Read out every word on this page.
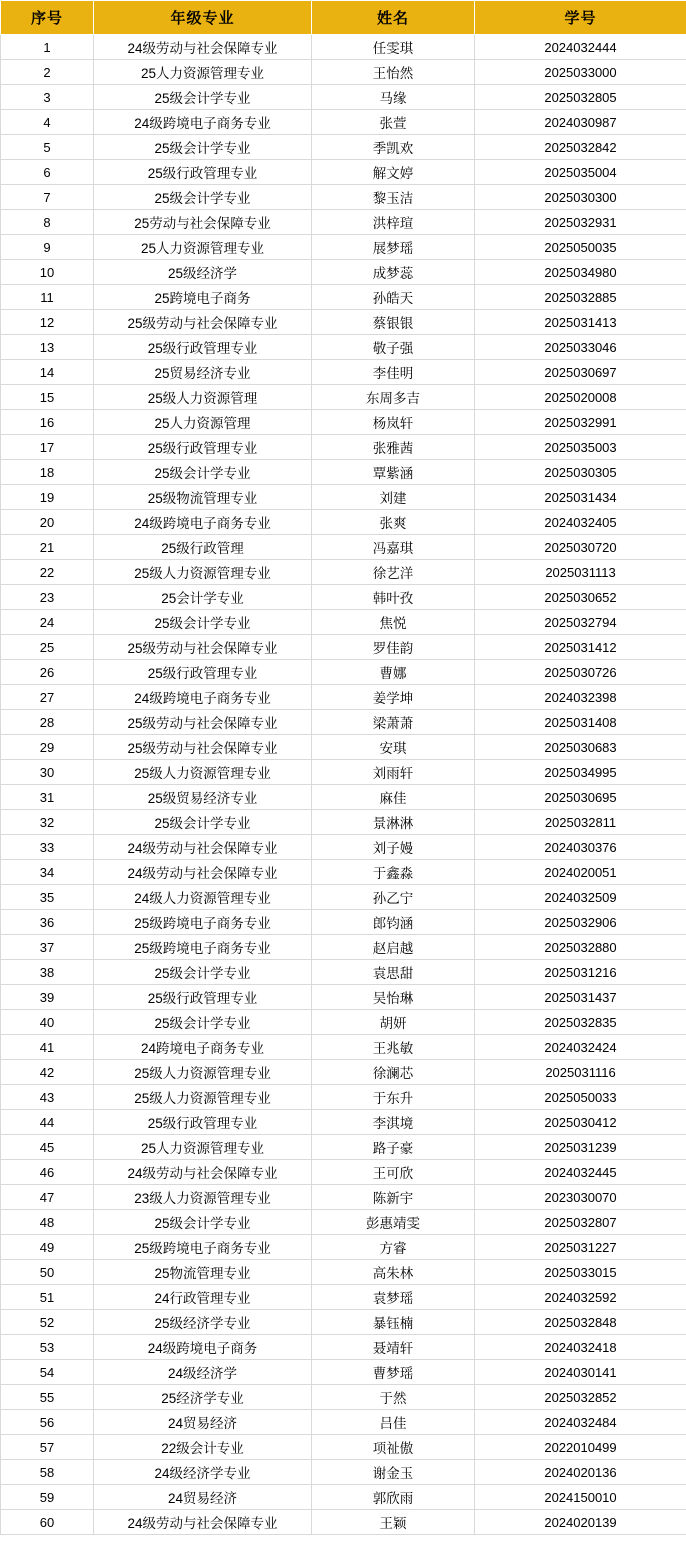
序号	年级专业	姓名	学号
1	24级劳动与社会保障专业	任雯琪	2024032444
2	25人力资源管理专业	王怡然	2025033000
3	25级会计学专业	马缘	2025032805
4	24级跨境电子商务专业	张萱	2024030987
5	25级会计学专业	季凯欢	2025032842
6	25级行政管理专业	解文婷	2025035004
7	25级会计学专业	黎玉洁	2025030300
8	25劳动与社会保障专业	洪梓瑄	2025032931
9	25人力资源管理专业	展梦瑶	2025050035
10	25级经济学	成梦蕊	2025034980
11	25跨境电子商务	孙皓天	2025032885
12	25级劳动与社会保障专业	蔡银银	2025031413
13	25级行政管理专业	敬子强	2025033046
14	25贸易经济专业	李佳明	2025030697
15	25级人力资源管理	东周多吉	2025020008
16	25人力资源管理	杨岚轩	2025032991
17	25级行政管理专业	张雅茜	2025035003
18	25级会计学专业	覃紫涵	2025030305
19	25级物流管理专业	刘建	2025031434
20	24级跨境电子商务专业	张爽	2024032405
21	25级行政管理	冯嘉琪	2025030720
22	25级人力资源管理专业	徐艺洋	2025031113
23	25会计学专业	韩叶孜	2025030652
24	25级会计学专业	焦悦	2025032794
25	25级劳动与社会保障专业	罗佳韵	2025031412
26	25级行政管理专业	曹娜	2025030726
27	24级跨境电子商务专业	姜学坤	2024032398
28	25级劳动与社会保障专业	梁萧萧	2025031408
29	25级劳动与社会保障专业	安琪	2025030683
30	25级人力资源管理专业	刘雨轩	2025034995
31	25级贸易经济专业	麻佳	2025030695
32	25级会计学专业	景淋淋	2025032811
33	24级劳动与社会保障专业	刘子嫚	2024030376
34	24级劳动与社会保障专业	于鑫淼	2024020051
35	24级人力资源管理专业	孙乙宁	2024032509
36	25级跨境电子商务专业	郎钧涵	2025032906
37	25级跨境电子商务专业	赵启越	2025032880
38	25级会计学专业	袁思甜	2025031216
39	25级行政管理专业	吴怡琳	2025031437
40	25级会计学专业	胡妍	2025032835
41	24跨境电子商务专业	王兆敏	2024032424
42	25级人力资源管理专业	徐澜芯	2025031116
43	25级人力资源管理专业	于东升	2025050033
44	25级行政管理专业	李淇境	2025030412
45	25人力资源管理专业	路子豪	2025031239
46	24级劳动与社会保障专业	王可欣	2024032445
47	23级人力资源管理专业	陈新宇	2023030070
48	25级会计学专业	彭惠靖雯	2025032807
49	25级跨境电子商务专业	方睿	2025031227
50	25物流管理专业	高朱林	2025033015
51	24行政管理专业	袁梦瑶	2024032592
52	25级经济学专业	暴钰楠	2025032848
53	24级跨境电子商务	聂靖轩	2024032418
54	24级经济学	曹梦瑶	2024030141
55	25经济学专业	于然	2025032852
56	24贸易经济	吕佳	2024032484
57	22级会计专业	项祉傲	2022010499
58	24级经济学专业	谢金玉	2024020136
59	24贸易经济	郭欣雨	2024150010
60	24级劳动与社会保障专业	王颖	2024020139
